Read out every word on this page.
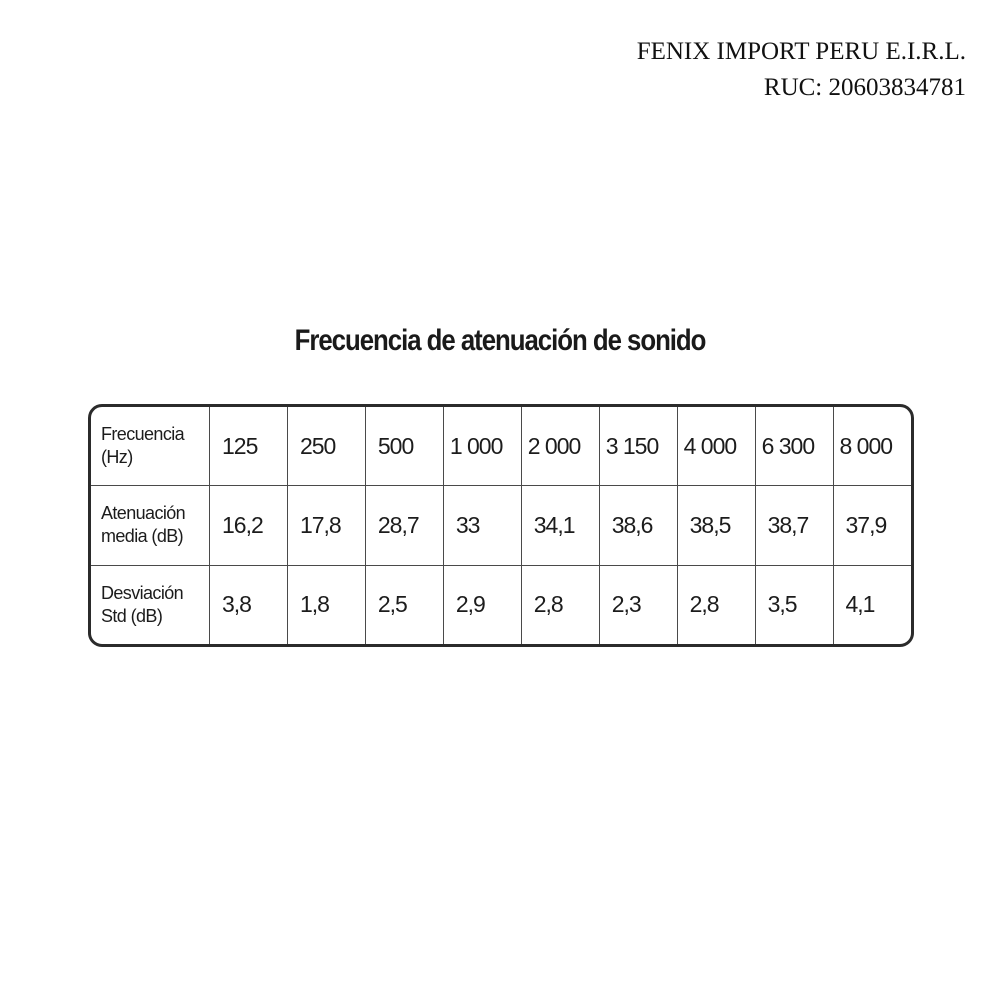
FENIX IMPORT PERU E.I.R.L.
RUC: 20603834781
Frecuencia de atenuación de sonido
Frecuencia
(Hz)	125	250	500	1 000	2 000	3 150	4 000	6 300	8 000
Atenuación
media (dB)	16,2	17,8	28,7	33	34,1	38,6	38,5	38,7	37,9
Desviación
Std (dB)	3,8	1,8	2,5	2,9	2,8	2,3	2,8	3,5	4,1
